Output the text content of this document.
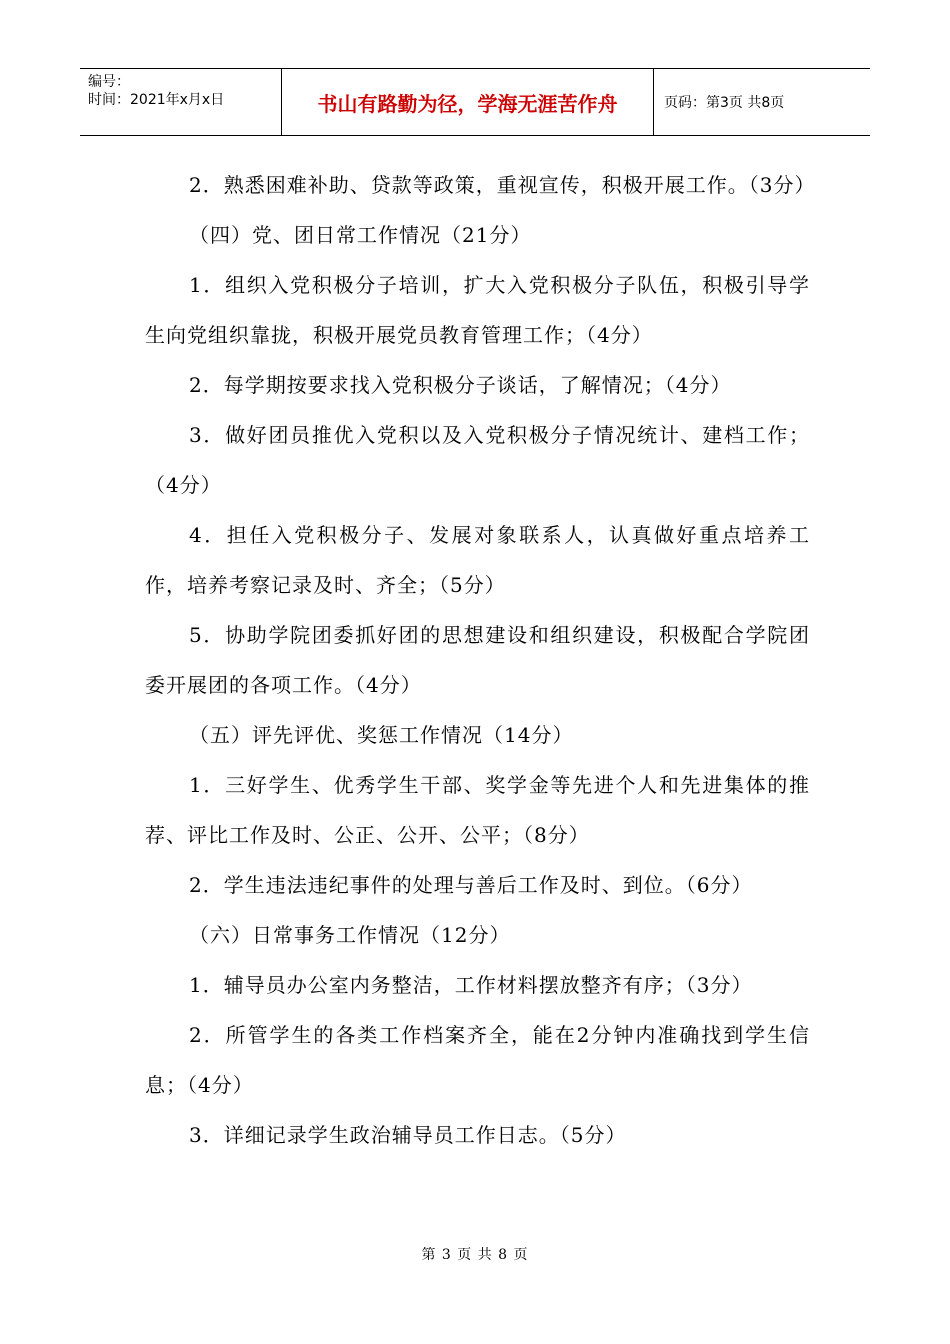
编号：
时间：2021年x月x日	书山有路勤为径，学海无涯苦作舟	页码：第3页 共8页

2．熟悉困难补助、贷款等政策，重视宣传，积极开展工作。（3分）

（四）党、团日常工作情况（21分）

1．组织入党积极分子培训，扩大入党积极分子队伍，积极引导学生向党组织靠拢，积极开展党员教育管理工作；（4分）

2．每学期按要求找入党积极分子谈话，了解情况；（4分）

3．做好团员推优入党积以及入党积极分子情况统计、建档工作；（4分）

4．担任入党积极分子、发展对象联系人，认真做好重点培养工作，培养考察记录及时、齐全；（5分）

5．协助学院团委抓好团的思想建设和组织建设，积极配合学院团委开展团的各项工作。（4分）

（五）评先评优、奖惩工作情况（14分）

1．三好学生、优秀学生干部、奖学金等先进个人和先进集体的推荐、评比工作及时、公正、公开、公平；（8分）

2．学生违法违纪事件的处理与善后工作及时、到位。（6分）

（六）日常事务工作情况（12分）

1．辅导员办公室内务整洁，工作材料摆放整齐有序；（3分）

2．所管学生的各类工作档案齐全，能在2分钟内准确找到学生信息；（4分）

3．详细记录学生政治辅导员工作日志。（5分）

第 3 页 共 8 页
